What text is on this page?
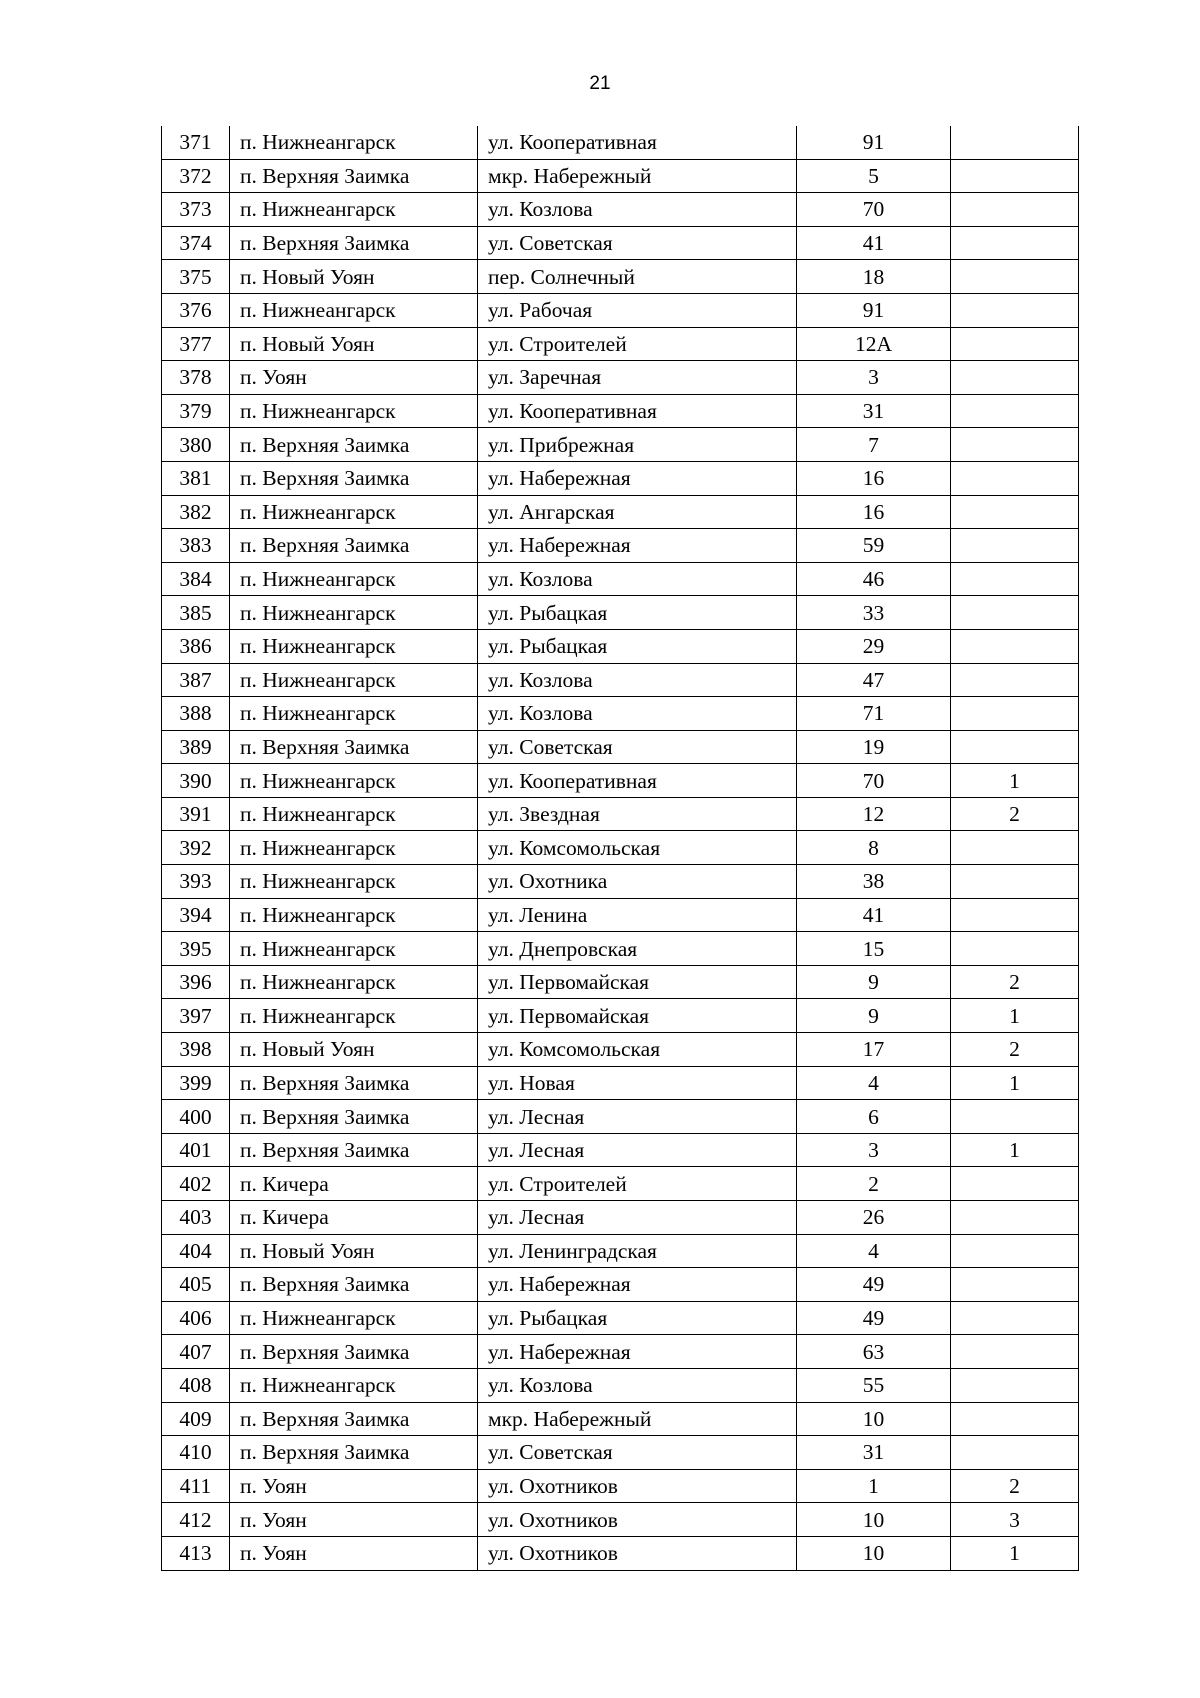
21
371	п. Нижнеангарск	ул. Кооперативная	91	
372	п. Верхняя Заимка	мкр. Набережный	5	
373	п. Нижнеангарск	ул. Козлова	70	
374	п. Верхняя Заимка	ул. Советская	41	
375	п. Новый Уоян	пер. Солнечный	18	
376	п. Нижнеангарск	ул. Рабочая	91	
377	п. Новый Уоян	ул. Строителей	12А	
378	п. Уоян	ул. Заречная	3	
379	п. Нижнеангарск	ул. Кооперативная	31	
380	п. Верхняя Заимка	ул. Прибрежная	7	
381	п. Верхняя Заимка	ул. Набережная	16	
382	п. Нижнеангарск	ул. Ангарская	16	
383	п. Верхняя Заимка	ул. Набережная	59	
384	п. Нижнеангарск	ул. Козлова	46	
385	п. Нижнеангарск	ул. Рыбацкая	33	
386	п. Нижнеангарск	ул. Рыбацкая	29	
387	п. Нижнеангарск	ул. Козлова	47	
388	п. Нижнеангарск	ул. Козлова	71	
389	п. Верхняя Заимка	ул. Советская	19	
390	п. Нижнеангарск	ул. Кооперативная	70	1
391	п. Нижнеангарск	ул. Звездная	12	2
392	п. Нижнеангарск	ул. Комсомольская	8	
393	п. Нижнеангарск	ул. Охотника	38	
394	п. Нижнеангарск	ул. Ленина	41	
395	п. Нижнеангарск	ул. Днепровская	15	
396	п. Нижнеангарск	ул. Первомайская	9	2
397	п. Нижнеангарск	ул. Первомайская	9	1
398	п. Новый Уоян	ул. Комсомольская	17	2
399	п. Верхняя Заимка	ул. Новая	4	1
400	п. Верхняя Заимка	ул. Лесная	6	
401	п. Верхняя Заимка	ул. Лесная	3	1
402	п. Кичера	ул. Строителей	2	
403	п. Кичера	ул. Лесная	26	
404	п. Новый Уоян	ул. Ленинградская	4	
405	п. Верхняя Заимка	ул. Набережная	49	
406	п. Нижнеангарск	ул. Рыбацкая	49	
407	п. Верхняя Заимка	ул. Набережная	63	
408	п. Нижнеангарск	ул. Козлова	55	
409	п. Верхняя Заимка	мкр. Набережный	10	
410	п. Верхняя Заимка	ул. Советская	31	
411	п. Уоян	ул. Охотников	1	2
412	п. Уоян	ул. Охотников	10	3
413	п. Уоян	ул. Охотников	10	1
